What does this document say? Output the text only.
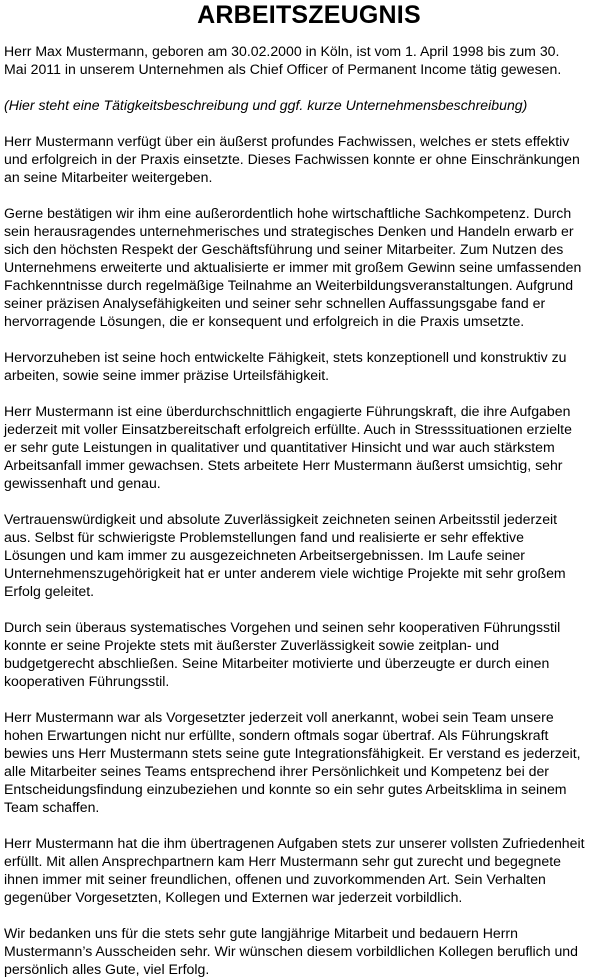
ARBEITSZEUGNIS

Herr Max Mustermann, geboren am 30.02.2000 in Köln, ist vom 1. April 1998 bis zum 30.
Mai 2011 in unserem Unternehmen als Chief Officer of Permanent Income tätig gewesen.

(Hier steht eine Tätigkeitsbeschreibung und ggf. kurze Unternehmensbeschreibung)

Herr Mustermann verfügt über ein äußerst profundes Fachwissen, welches er stets effektiv
und erfolgreich in der Praxis einsetzte. Dieses Fachwissen konnte er ohne Einschränkungen
an seine Mitarbeiter weitergeben.

Gerne bestätigen wir ihm eine außerordentlich hohe wirtschaftliche Sachkompetenz. Durch
sein herausragendes unternehmerisches und strategisches Denken und Handeln erwarb er
sich den höchsten Respekt der Geschäftsführung und seiner Mitarbeiter. Zum Nutzen des
Unternehmens erweiterte und aktualisierte er immer mit großem Gewinn seine umfassenden
Fachkenntnisse durch regelmäßige Teilnahme an Weiterbildungsveranstaltungen. Aufgrund
seiner präzisen Analysefähigkeiten und seiner sehr schnellen Auffassungsgabe fand er
hervorragende Lösungen, die er konsequent und erfolgreich in die Praxis umsetzte.

Hervorzuheben ist seine hoch entwickelte Fähigkeit, stets konzeptionell und konstruktiv zu
arbeiten, sowie seine immer präzise Urteilsfähigkeit.

Herr Mustermann ist eine überdurchschnittlich engagierte Führungskraft, die ihre Aufgaben
jederzeit mit voller Einsatzbereitschaft erfolgreich erfüllte. Auch in Stresssituationen erzielte
er sehr gute Leistungen in qualitativer und quantitativer Hinsicht und war auch stärkstem
Arbeitsanfall immer gewachsen. Stets arbeitete Herr Mustermann äußerst umsichtig, sehr
gewissenhaft und genau.

Vertrauenswürdigkeit und absolute Zuverlässigkeit zeichneten seinen Arbeitsstil jederzeit
aus. Selbst für schwierigste Problemstellungen fand und realisierte er sehr effektive
Lösungen und kam immer zu ausgezeichneten Arbeitsergebnissen. Im Laufe seiner
Unternehmenszugehörigkeit hat er unter anderem viele wichtige Projekte mit sehr großem
Erfolg geleitet.

Durch sein überaus systematisches Vorgehen und seinen sehr kooperativen Führungsstil
konnte er seine Projekte stets mit äußerster Zuverlässigkeit sowie zeitplan- und
budgetgerecht abschließen. Seine Mitarbeiter motivierte und überzeugte er durch einen
kooperativen Führungsstil.

Herr Mustermann war als Vorgesetzter jederzeit voll anerkannt, wobei sein Team unsere
hohen Erwartungen nicht nur erfüllte, sondern oftmals sogar übertraf. Als Führungskraft
bewies uns Herr Mustermann stets seine gute Integrationsfähigkeit. Er verstand es jederzeit,
alle Mitarbeiter seines Teams entsprechend ihrer Persönlichkeit und Kompetenz bei der
Entscheidungsfindung einzubeziehen und konnte so ein sehr gutes Arbeitsklima in seinem
Team schaffen.

Herr Mustermann hat die ihm übertragenen Aufgaben stets zur unserer vollsten Zufriedenheit
erfüllt. Mit allen Ansprechpartnern kam Herr Mustermann sehr gut zurecht und begegnete
ihnen immer mit seiner freundlichen, offenen und zuvorkommenden Art. Sein Verhalten
gegenüber Vorgesetzten, Kollegen und Externen war jederzeit vorbildlich.

Wir bedanken uns für die stets sehr gute langjährige Mitarbeit und bedauern Herrn
Mustermann’s Ausscheiden sehr. Wir wünschen diesem vorbildlichen Kollegen beruflich und
persönlich alles Gute, viel Erfolg.
